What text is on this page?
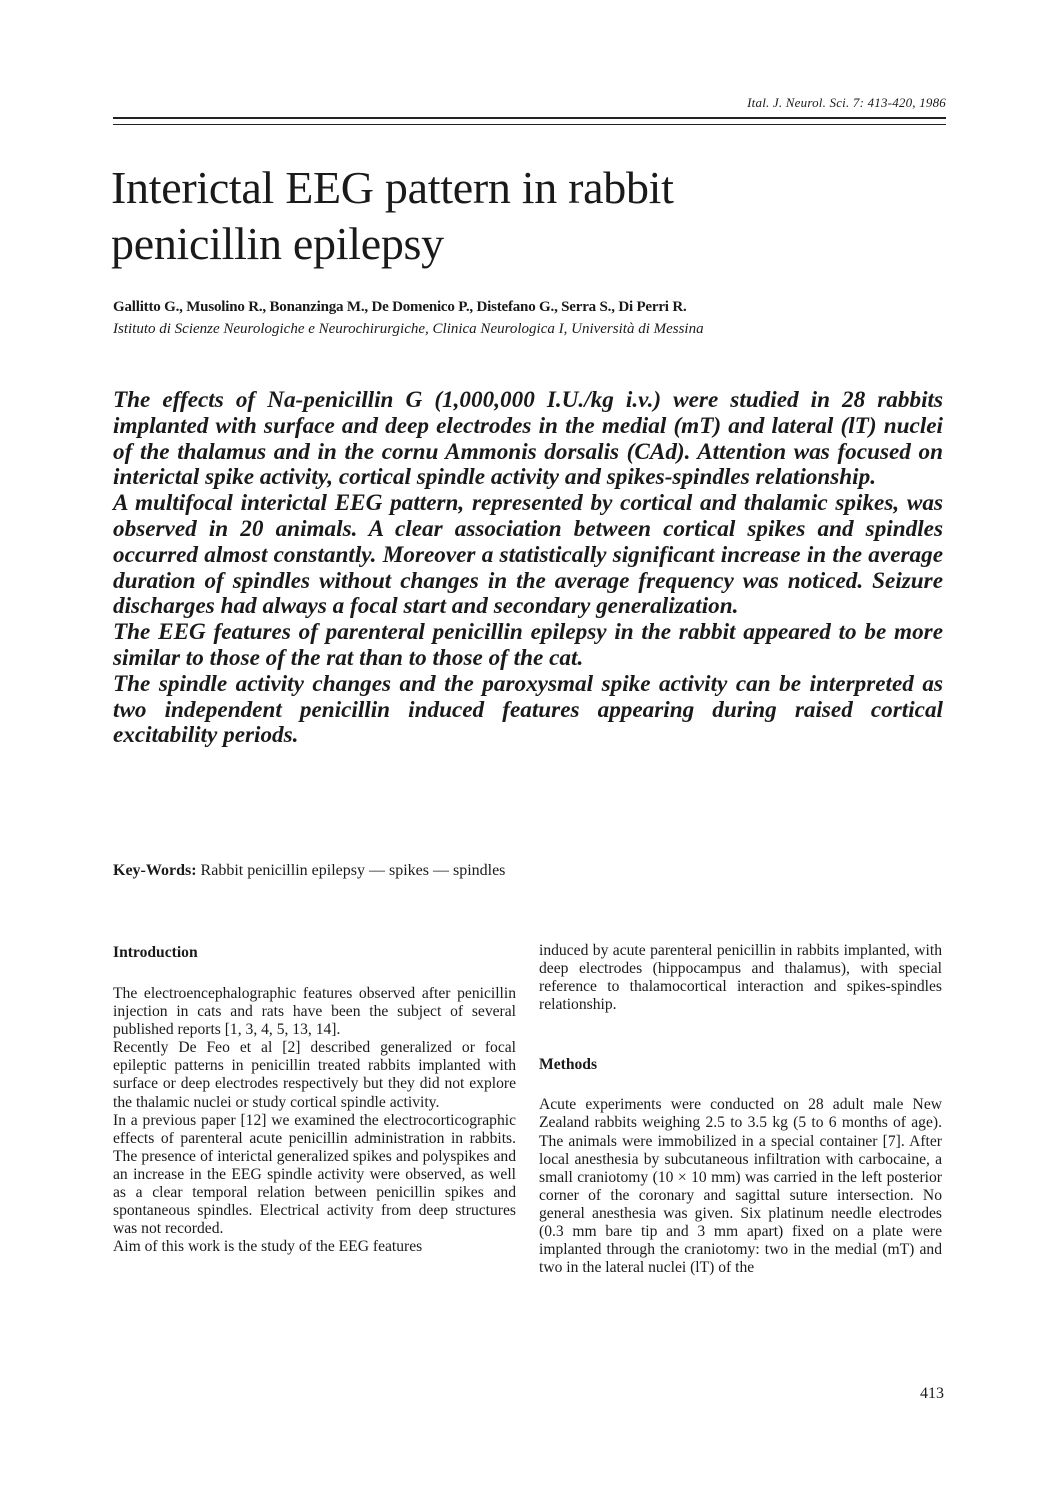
Ital. J. Neurol. Sci. 7: 413-420, 1986
Interictal EEG pattern in rabbit
penicillin epilepsy

Gallitto G., Musolino R., Bonanzinga M., De Domenico P., Distefano G., Serra S., Di Perri R.

Istituto di Scienze Neurologiche e Neurochirurgiche, Clinica Neurologica I, Università di Messina

The effects of Na-penicillin G (1,000,000 I.U./kg i.v.) were studied in 28 rabbits implanted with surface and deep electrodes in the medial (mT) and lateral (lT) nuclei of the thalamus and in the cornu Ammonis dorsalis (CAd). Attention was focused on interictal spike activity, cortical spindle activity and spikes-spindles relationship.

A multifocal interictal EEG pattern, represented by cortical and thalamic spikes, was observed in 20 animals. A clear association between cortical spikes and spindles occurred almost constantly. Moreover a statistically significant increase in the average duration of spindles without changes in the average frequency was noticed. Seizure discharges had always a focal start and secondary generalization.

The EEG features of parenteral penicillin epilepsy in the rabbit appeared to be more similar to those of the rat than to those of the cat.

The spindle activity changes and the paroxysmal spike activity can be interpreted as two independent penicillin induced features appearing during raised cortical excitability periods.

Key-Words: Rabbit penicillin epilepsy — spikes — spindles

Introduction

The electroencephalographic features observed after penicillin injection in cats and rats have been the subject of several published reports [1, 3, 4, 5, 13, 14].

Recently De Feo et al [2] described generalized or focal epileptic patterns in penicillin treated rabbits implanted with surface or deep electrodes respectively but they did not explore the thalamic nuclei or study cortical spindle activity.

In a previous paper [12] we examined the electrocorticographic effects of parenteral acute penicillin administration in rabbits. The presence of interictal generalized spikes and polyspikes and an increase in the EEG spindle activity were observed, as well as a clear temporal relation between penicillin spikes and spontaneous spindles. Electrical activity from deep structures was not recorded.

Aim of this work is the study of the EEG features

induced by acute parenteral penicillin in rabbits implanted, with deep electrodes (hippocampus and thalamus), with special reference to thalamocortical interaction and spikes-spindles relationship.

Methods

Acute experiments were conducted on 28 adult male New Zealand rabbits weighing 2.5 to 3.5 kg (5 to 6 months of age). The animals were immobilized in a special container [7]. After local anesthesia by subcutaneous infiltration with carbocaine, a small craniotomy (10 × 10 mm) was carried in the left posterior corner of the coronary and sagittal suture intersection. No general anesthesia was given. Six platinum needle electrodes (0.3 mm bare tip and 3 mm apart) fixed on a plate were implanted through the craniotomy: two in the medial (mT) and two in the lateral nuclei (lT) of the

413
